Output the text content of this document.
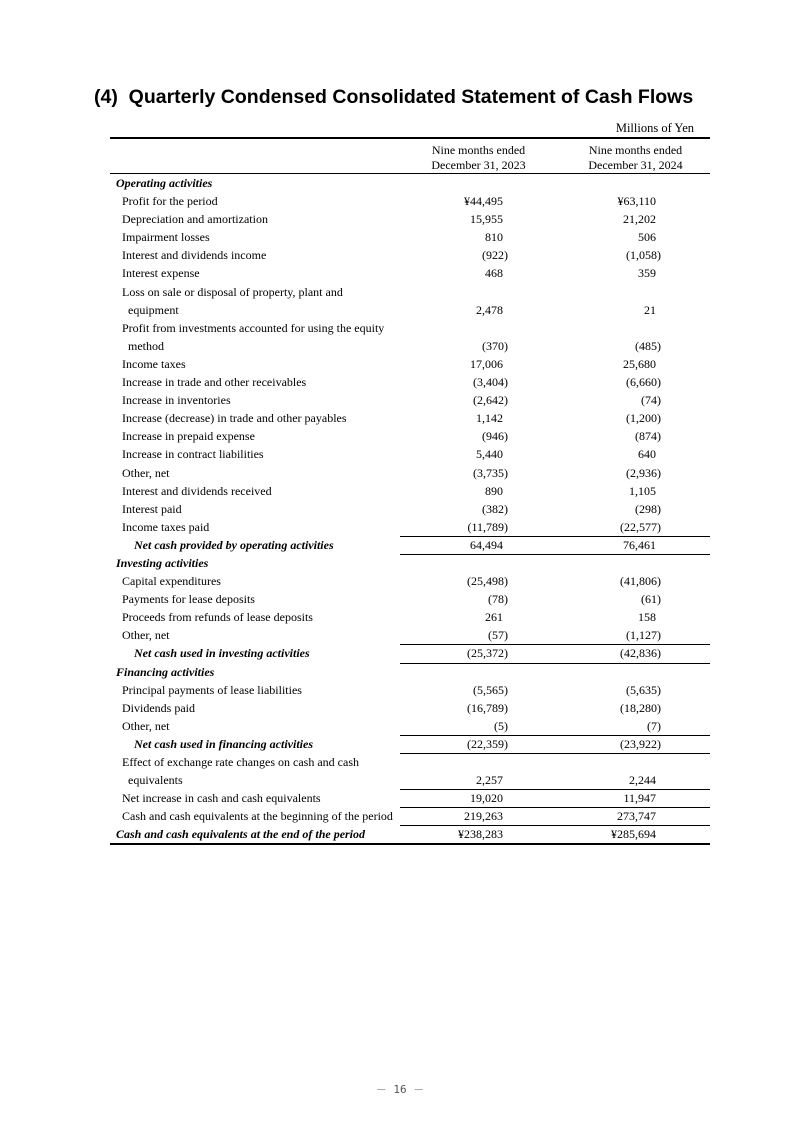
(4)  Quarterly Condensed Consolidated Statement of Cash Flows
Millions of Yen
Nine months ended
December 31, 2023
Nine months ended
December 31, 2024
Operating activities
Profit for the period	¥44,495	¥63,110
Depreciation and amortization	15,955	21,202
Impairment losses	810	506
Interest and dividends income	(922)	(1,058)
Interest expense	468	359
Loss on sale or disposal of property, plant and
equipment	2,478	21
Profit from investments accounted for using the equity
method	(370)	(485)
Income taxes	17,006	25,680
Increase in trade and other receivables	(3,404)	(6,660)
Increase in inventories	(2,642)	(74)
Increase (decrease) in trade and other payables	1,142	(1,200)
Increase in prepaid expense	(946)	(874)
Increase in contract liabilities	5,440	640
Other, net	(3,735)	(2,936)
Interest and dividends received	890	1,105
Interest paid	(382)	(298)
Income taxes paid	(11,789)	(22,577)
Net cash provided by operating activities	64,494	76,461
Investing activities
Capital expenditures	(25,498)	(41,806)
Payments for lease deposits	(78)	(61)
Proceeds from refunds of lease deposits	261	158
Other, net	(57)	(1,127)
Net cash used in investing activities	(25,372)	(42,836)
Financing activities
Principal payments of lease liabilities	(5,565)	(5,635)
Dividends paid	(16,789)	(18,280)
Other, net	(5)	(7)
Net cash used in financing activities	(22,359)	(23,922)
Effect of exchange rate changes on cash and cash
equivalents	2,257	2,244
Net increase in cash and cash equivalents	19,020	11,947
Cash and cash equivalents at the beginning of the period	219,263	273,747
Cash and cash equivalents at the end of the period	¥238,283	¥285,694
－ 16 －
